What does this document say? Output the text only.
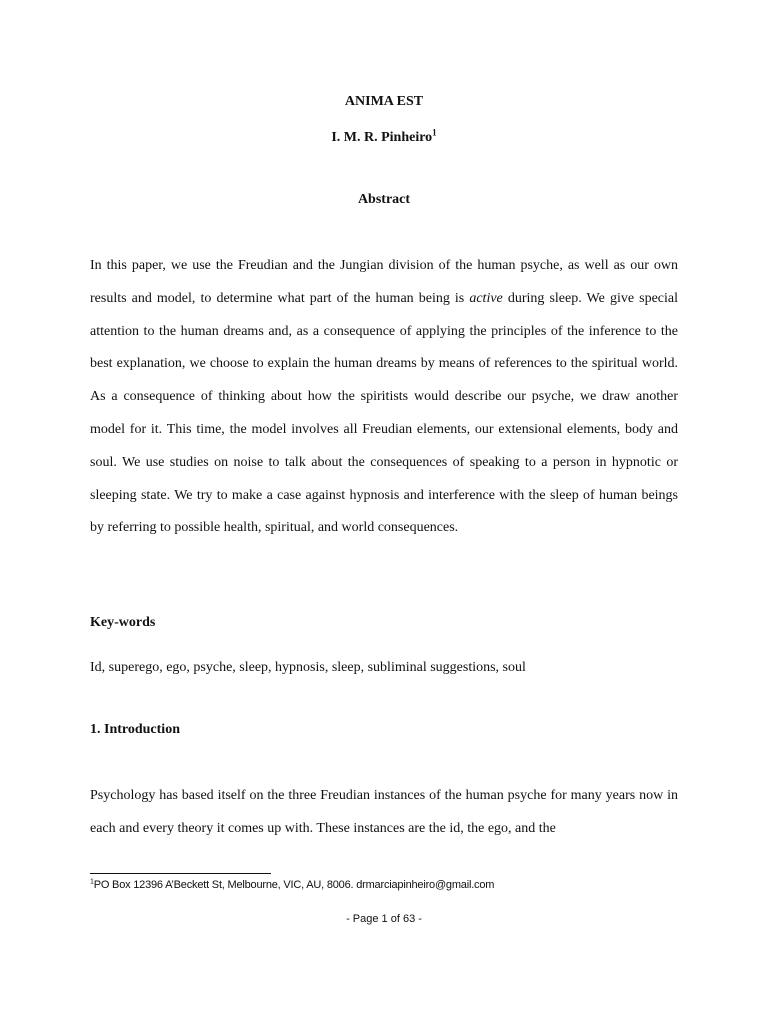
ANIMA EST
I. M. R. Pinheiro$^1$
Abstract

In this paper, we use the Freudian and the Jungian division of the human psyche, as well as our own results and model, to determine what part of the human being is active during sleep. We give special attention to the human dreams and, as a consequence of applying the principles of the inference to the best explanation, we choose to explain the human dreams by means of references to the spiritual world. As a consequence of thinking about how the spiritists would describe our psyche, we draw another model for it. This time, the model involves all Freudian elements, our extensional elements, body and soul. We use studies on noise to talk about the consequences of speaking to a person in hypnotic or sleeping state. We try to make a case against hypnosis and interference with the sleep of human beings by referring to possible health, spiritual, and world consequences.

Key-words

Id, superego, ego, psyche, sleep, hypnosis, sleep, subliminal suggestions, soul

1. Introduction

Psychology has based itself on the three Freudian instances of the human psyche for many years now in each and every theory it comes up with. These instances are the id, the ego, and the

$^1$PO Box 12396 A’Beckett St, Melbourne, VIC, AU, 8006. drmarciapinheiro@gmail.com
- Page 1 of 63 -
